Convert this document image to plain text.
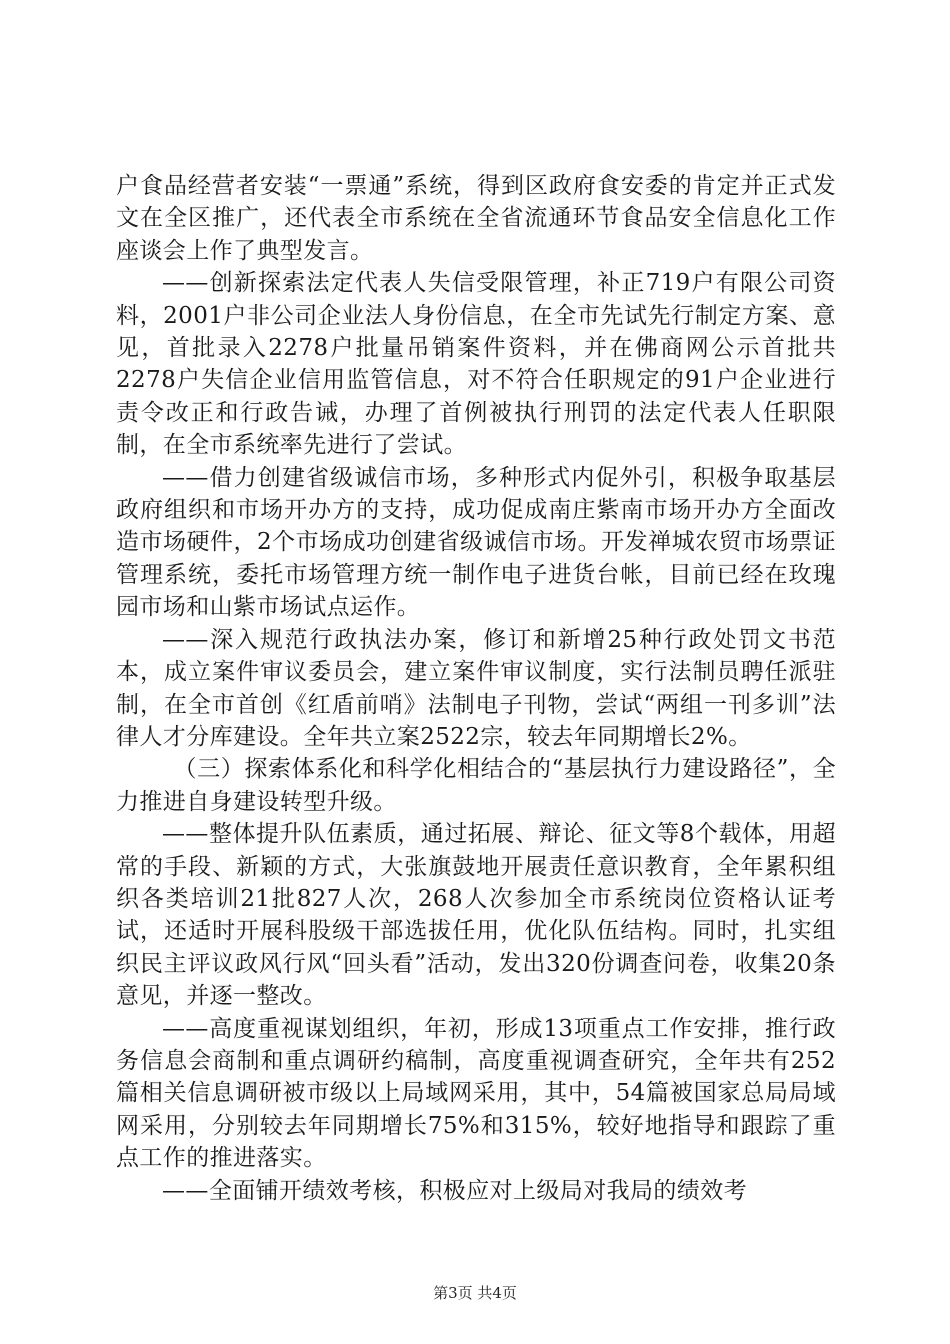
户食品经营者安装“一票通”系统，得到区政府食安委的肯定并正式发文在全区推广，还代表全市系统在全省流通环节食品安全信息化工作座谈会上作了典型发言。

——创新探索法定代表人失信受限管理，补正719户有限公司资料，2001户非公司企业法人身份信息，在全市先试先行制定方案、意见，首批录入2278户批量吊销案件资料，并在佛商网公示首批共2278户失信企业信用监管信息，对不符合任职规定的91户企业进行责令改正和行政告诫，办理了首例被执行刑罚的法定代表人任职限制，在全市系统率先进行了尝试。

——借力创建省级诚信市场，多种形式内促外引，积极争取基层政府组织和市场开办方的支持，成功促成南庄紫南市场开办方全面改造市场硬件，2个市场成功创建省级诚信市场。开发禅城农贸市场票证管理系统，委托市场管理方统一制作电子进货台帐，目前已经在玫瑰园市场和山紫市场试点运作。

——深入规范行政执法办案，修订和新增25种行政处罚文书范本，成立案件审议委员会，建立案件审议制度，实行法制员聘任派驻制，在全市首创《红盾前哨》法制电子刊物，尝试“两组一刊多训”法律人才分库建设。全年共立案2522宗，较去年同期增长2%。

（三）探索体系化和科学化相结合的“基层执行力建设路径”，全力推进自身建设转型升级。

——整体提升队伍素质，通过拓展、辩论、征文等8个载体，用超常的手段、新颖的方式，大张旗鼓地开展责任意识教育，全年累积组织各类培训21批827人次，268人次参加全市系统岗位资格认证考试，还适时开展科股级干部选拔任用，优化队伍结构。同时，扎实组织民主评议政风行风“回头看”活动，发出320份调查问卷，收集20条意见，并逐一整改。

——高度重视谋划组织，年初，形成13项重点工作安排，推行政务信息会商制和重点调研约稿制，高度重视调查研究，全年共有252篇相关信息调研被市级以上局域网采用，其中，54篇被国家总局局域网采用，分别较去年同期增长75%和315%，较好地指导和跟踪了重点工作的推进落实。

——全面铺开绩效考核，积极应对上级局对我局的绩效考

第3页 共4页
